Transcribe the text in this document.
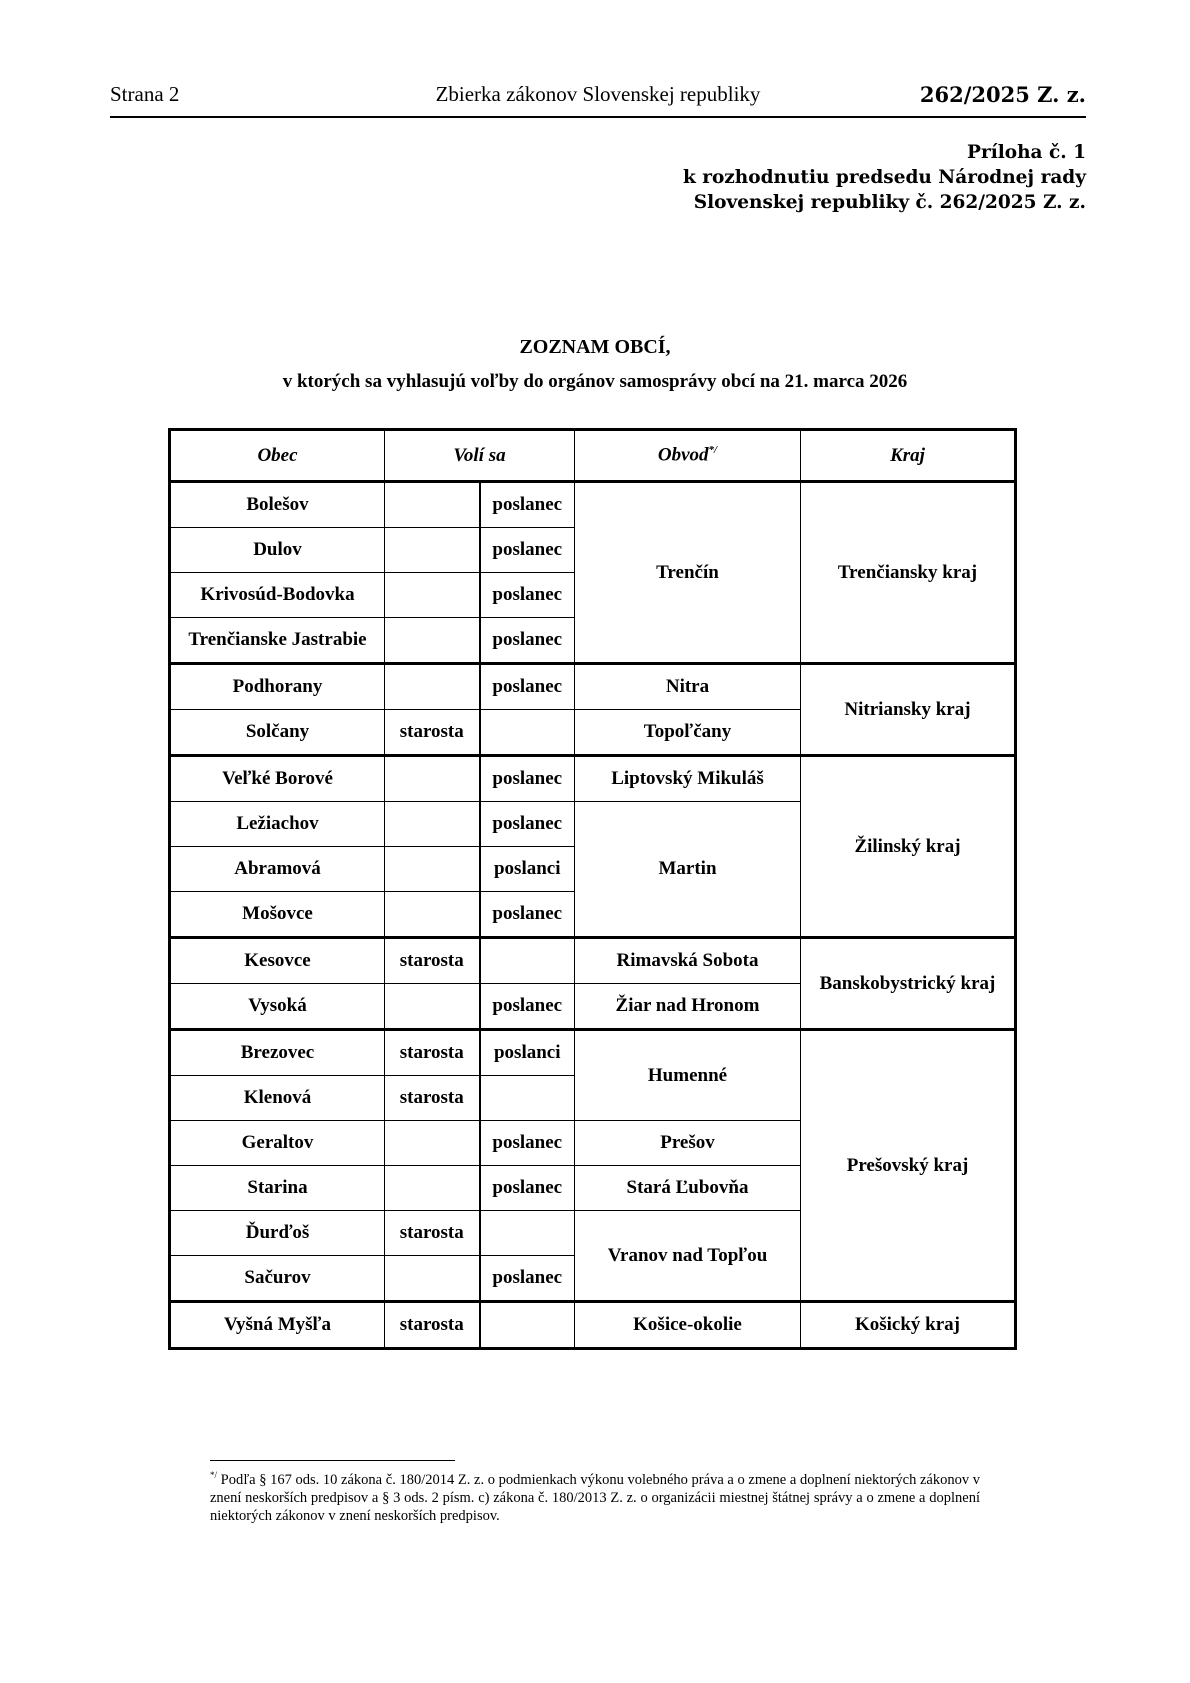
Strana 2	Zbierka zákonov Slovenskej republiky	262/2025 Z. z.
Príloha č. 1
k rozhodnutiu predsedu Národnej rady
Slovenskej republiky č. 262/2025 Z. z.
ZOZNAM OBCÍ,
v ktorých sa vyhlasujú voľby do orgánov samosprávy obcí na 21. marca 2026
Obec	Volí sa		Obvod*/	Kraj
Bolešov		poslanec	Trenčín	Trenčiansky kraj
Dulov		poslanec		
Krivosúd-Bodovka		poslanec		
Trenčianske Jastrabie		poslanec		
Podhorany		poslanec	Nitra	Nitriansky kraj
Solčany	starosta		Topoľčany	
Veľké Borové		poslanec	Liptovský Mikuláš	Žilinský kraj
Ležiachov		poslanec	Martin	
Abramová		poslanci		
Mošovce		poslanec		
Kesovce	starosta		Rimavská Sobota	Banskobystrický kraj
Vysoká		poslanec	Žiar nad Hronom	
Brezovec	starosta	poslanci	Humenné	Prešovský kraj
Klenová	starosta			
Geraltov		poslanec	Prešov	
Starina		poslanec	Stará Ľubovňa	
Ďurďoš	starosta		Vranov nad Topľou	
Sačurov		poslanec		
Vyšná Myšľa	starosta		Košice-okolie	Košický kraj
*/ Podľa § 167 ods. 10 zákona č. 180/2014 Z. z. o podmienkach výkonu volebného práva a o zmene a doplnení niektorých zákonov v znení neskorších predpisov a § 3 ods. 2 písm. c) zákona č. 180/2013 Z. z. o organizácii miestnej štátnej správy a o zmene a doplnení niektorých zákonov v znení neskorších predpisov.
